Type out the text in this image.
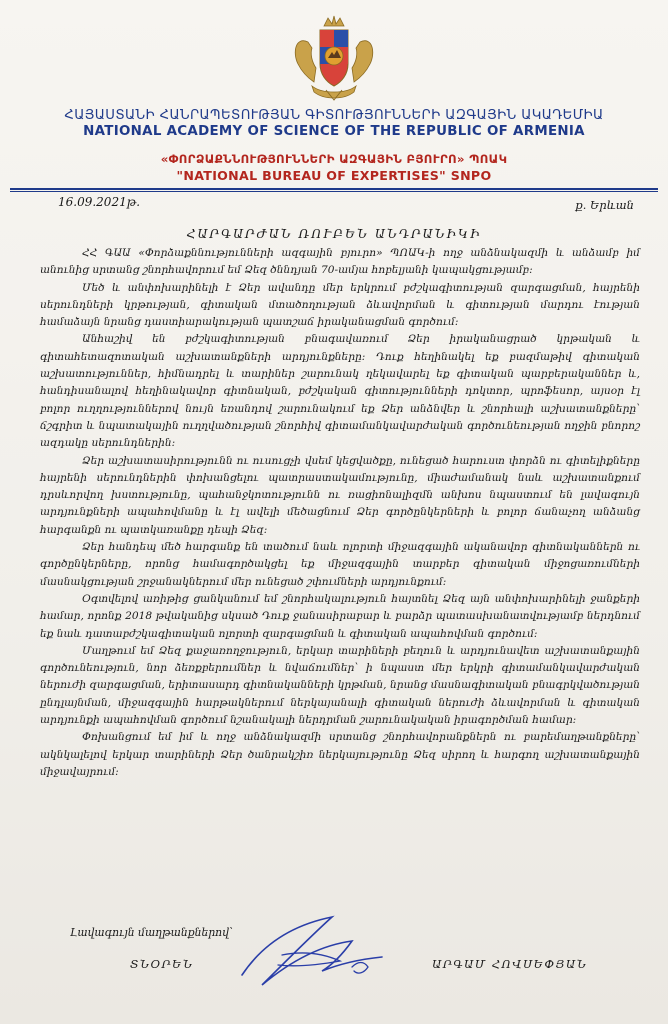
ՀԱՅԱՍՏԱՆԻ ՀԱՆՐԱՊԵՏՈՒԹՅԱՆ ԳԻՏՈՒԹՅՈՒՆՆԵՐԻ ԱԶԳԱՅԻՆ ԱԿԱԴԵՄԻԱ
NATIONAL ACADEMY OF SCIENCE OF THE REPUBLIC OF ARMENIA
«ՓՈՐՁԱՔՆՆՈՒԹՅՈՒՆՆԵՐԻ ԱԶԳԱՅԻՆ ԲՅՈՒՐՈ» ՊՈԱԿ
"NATIONAL BUREAU OF EXPERTISES" SNPO
16.09.2021թ.	ք. Երևան
ՀԱՐԳԱՐԺԱՆ ՌՈՒԲԵՆ ԱՆԴՐԱՆԻԿԻ

ՀՀ ԳԱԱ «Փորձաքննությունների ազգային բյուրո» ՊՈԱԿ-ի ողջ անձնակազմի և անձամբ իմ անունից սրտանց շնորհավորում եմ Ձեզ ծննդյան 70-ամյա հոբելյանի կապակցությամբ:

Մեծ և անփոխարինելի է Ձեր ավանդը մեր երկրում բժշկագիտության զարգացման, հայրենի սերունդների կրթության, գիտական մտածողության ձևավորման և գիտության մարդու էության համաձայն նրանց դաստիարակության պատշաճ իրականացման գործում:

Անհաշիվ են բժշկագիտության բնագավառում Ձեր իրականացրած կրթական և գիտահետազոտական աշխատանքների արդյունքները: Դուք հեղինակել եք բազմաթիվ գիտական աշխատություններ, հիմնադրել և տարիներ շարունակ ղեկավարել եք գիտական պարբերականներ և, հանդիսանալով հեղինակավոր գիտնական, բժշկական գիտությունների դոկտոր, պրոֆեսոր, այսօր էլ բոլոր ուղղություններով նույն եռանդով շարունակում եք Ձեր անձնվեր և շնորհալի աշխատանքները՝ ճշգրիտ և նպատակային ուղղվածության շնորհիվ գիտամանկավարժական գործունեության ողջին բնորոշ ազդակը սերունդներին:

Ձեր աշխատասիրությունն ու ուսուցչի վսեմ կեցվածքը, ունեցած հարուստ փորձն ու գիտելիքները հայրենի սերունդներին փոխանցելու պատրաստակամությունը, միաժամանակ նաև աշխատանքում դրսևորվող խստությունը, պահանջկոտությունն ու ռացիոնալիզմն անխոս նպաստում են լավագույն արդյունքների ապահովմանը և էլ ավելի մեծացնում Ձեր գործընկերների և բոլոր ճանաչող անձանց հարգանքն ու պատկառանքը դեպի Ձեզ:

Ձեր հանդեպ մեծ հարգանք են տածում նաև ոլորտի միջազգային ականավոր գիտնականներն ու գործընկերները, որոնց համագործակցել եք միջազգային տարբեր գիտական միջոցառումների մասնակցության շրջանակներում մեր ունեցած շփումների արդյունքում:

Օգտվելով առիթից ցանկանում եմ շնորհակալություն հայտնել Ձեզ այն անփոխարինելի ջանքերի համար, որոնք 2018 թվականից սկսած Դուք ջանասիրաբար և բարձր պատասխանատվությամբ ներդնում եք նաև դատաբժշկագիտական ոլորտի զարգացման և գիտական ապահովման գործում:

Մաղթում եմ Ձեզ քաջառողջություն, երկար տարիների բեղուն և արդյունավետ աշխատանքային գործունեություն, նոր ձեռքբերումներ և նվաճումներ՝ ի նպաստ մեր երկրի գիտամանկավարժական ներուժի զարգացման, երիտասարդ գիտնականների կրթման, նրանց մասնագիտական բնագրկվածության ընդլայնման, միջազգային հարթակներում ներկայանալի գիտական ներուժի ձևավորման և գիտական արդյունքի ապահովման գործում նշանակալի ներդրման շարունակական իրագործման համար:

Փոխանցում եմ իմ և ողջ անձնակազմի սրտանց շնորհավորանքներն ու բարեմաղթանքները՝ ակնկալելով երկար տարիների Ձեր ծանրակշիռ ներկայությունը Ձեզ սիրող և հարգող աշխատանքային միջավայրում:

Լավագույն մաղթանքներով՝
ՏՆՕՐԵՆ	ԱՐԳԱՄ ՀՈՎՍԵՓՅԱՆ
